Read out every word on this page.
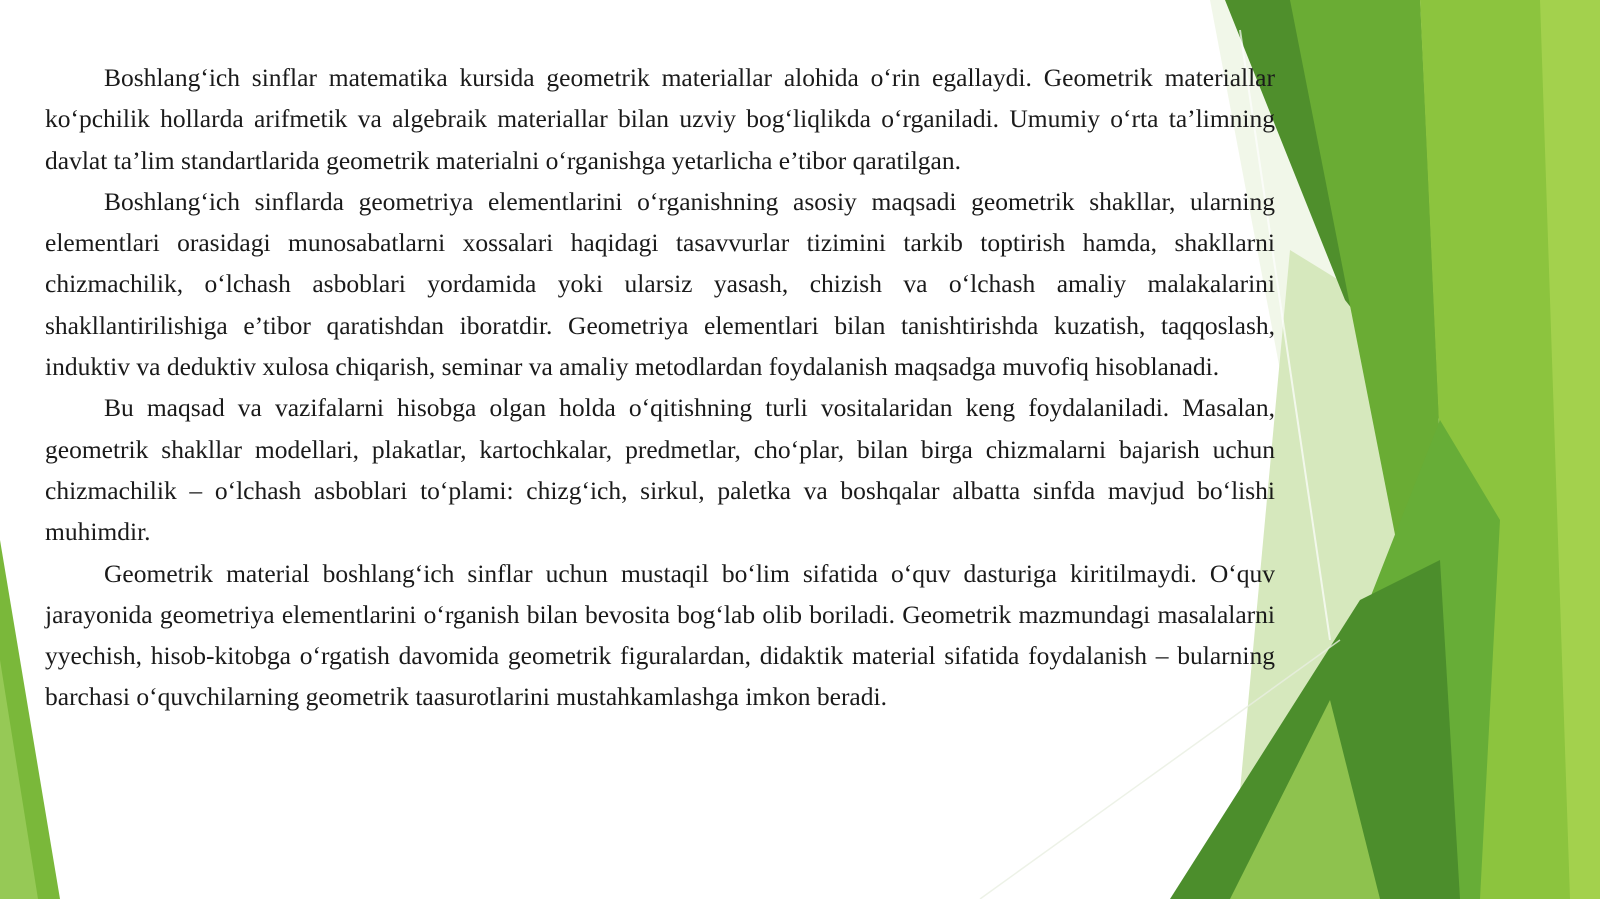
Boshlang‘ich sinflar matematika kursida geometrik materiallar alohida o‘rin egallaydi. Geometrik materiallar ko‘pchilik hollarda arifmetik va algebraik materiallar bilan uzviy bog‘liqlikda o‘rganiladi. Umumiy o‘rta ta’limning davlat ta’lim standartlarida geometrik materialni o‘rganishga yetarlicha e’tibor qaratilgan.

Boshlang‘ich sinflarda geometriya elementlarini o‘rganishning asosiy maqsadi geometrik shakllar, ularning elementlari orasidagi munosabatlarni xossalari haqidagi tasavvurlar tizimini tarkib toptirish hamda, shakllarni chizmachilik, o‘lchash asboblari yordamida yoki ularsiz yasash, chizish va o‘lchash amaliy malakalarini shakllantirilishiga e’tibor qaratishdan iboratdir. Geometriya elementlari bilan tanishtirishda kuzatish, taqqoslash, induktiv va deduktiv xulosa chiqarish, seminar va amaliy metodlardan foydalanish maqsadga muvofiq hisoblanadi.

Bu maqsad va vazifalarni hisobga olgan holda o‘qitishning turli vositalaridan keng foydalaniladi. Masalan, geometrik shakllar modellari, plakatlar, kartochkalar, predmetlar, cho‘plar, bilan birga chizmalarni bajarish uchun chizmachilik – o‘lchash asboblari to‘plami: chizg‘ich, sirkul, paletka va boshqalar albatta sinfda mavjud bo‘lishi muhimdir.

Geometrik material boshlang‘ich sinflar uchun mustaqil bo‘lim sifatida o‘quv dasturiga kiritilmaydi. O‘quv jarayonida geometriya elementlarini o‘rganish bilan bevosita bog‘lab olib boriladi. Geometrik mazmundagi masalalarni yyechish, hisob-kitobga o‘rgatish davomida geometrik figuralardan, didaktik material sifatida foydalanish – bularning barchasi o‘quvchilarning geometrik taasurotlarini mustahkamlashga imkon beradi.
